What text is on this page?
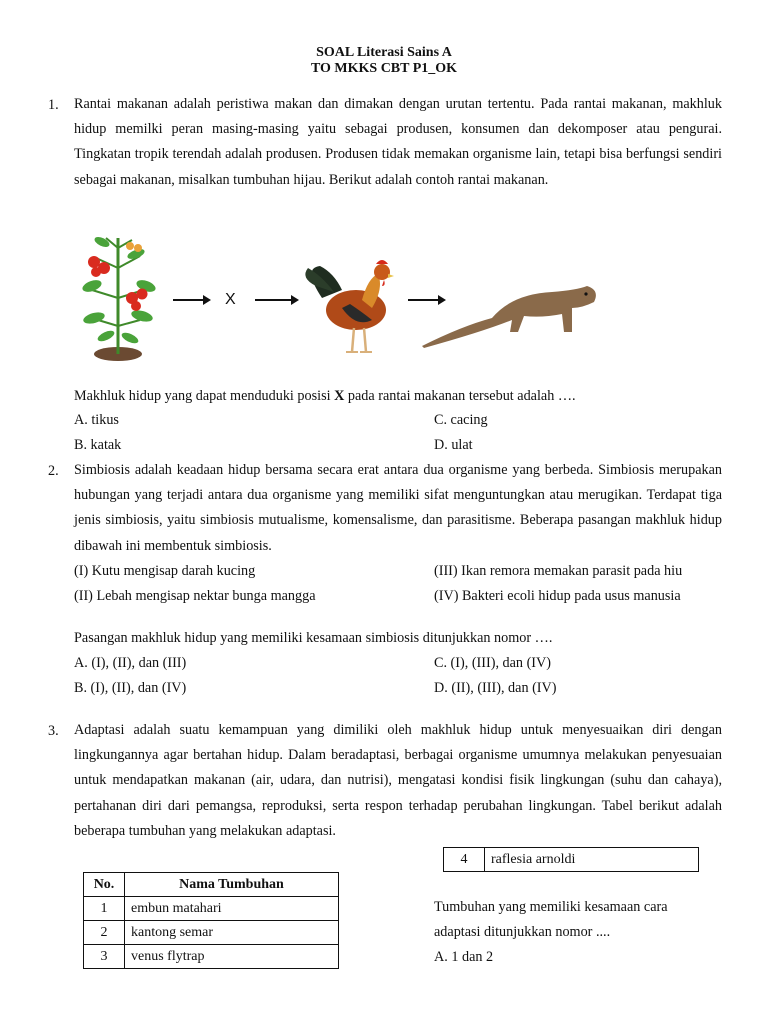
SOAL Literasi Sains A
TO MKKS CBT P1_OK
1.	Rantai makanan adalah peristiwa makan dan dimakan dengan urutan tertentu. Pada rantai makanan, makhluk hidup memilki peran masing-masing yaitu sebagai produsen, konsumen dan dekomposer atau pengurai. Tingkatan tropik terendah adalah produsen. Produsen tidak memakan organisme lain, tetapi bisa berfungsi sendiri sebagai makanan, misalkan tumbuhan hijau. Berikut adalah contoh rantai makanan.
X
Makhluk hidup yang dapat menduduki posisi X pada rantai makanan tersebut adalah ….
A. tikus	C. cacing
B. katak	D. ulat
2.	Simbiosis adalah keadaan hidup bersama secara erat antara dua organisme yang berbeda. Simbiosis merupakan hubungan yang terjadi antara dua organisme yang memiliki sifat menguntungkan atau merugikan. Terdapat tiga jenis simbiosis, yaitu simbiosis mutualisme, komensalisme, dan parasitisme. Beberapa pasangan makhluk hidup dibawah ini membentuk simbiosis.
(I) Kutu mengisap darah kucing	(III) Ikan remora memakan parasit pada hiu
(II) Lebah mengisap nektar bunga mangga	(IV) Bakteri ecoli hidup pada usus manusia
Pasangan makhluk hidup yang memiliki kesamaan simbiosis ditunjukkan nomor ….
A. (I), (II), dan (III)	C. (I), (III), dan (IV)
B. (I), (II), dan (IV)	D. (II), (III), dan (IV)
3.	Adaptasi adalah suatu kemampuan yang dimiliki oleh makhluk hidup untuk menyesuaikan diri dengan lingkungannya agar bertahan hidup. Dalam beradaptasi, berbagai organisme umumnya melakukan penyesuaian untuk mendapatkan makanan (air, udara, dan nutrisi), mengatasi kondisi fisik lingkungan (suhu dan cahaya), pertahanan diri dari pemangsa, reproduksi, serta respon terhadap perubahan lingkungan. Tabel berikut adalah beberapa tumbuhan yang melakukan adaptasi.
4	raflesia arnoldi
No.	Nama Tumbuhan
1	embun matahari
2	kantong semar
3	venus flytrap
Tumbuhan yang memiliki kesamaan cara
adaptasi ditunjukkan nomor ....
A. 1 dan 2
